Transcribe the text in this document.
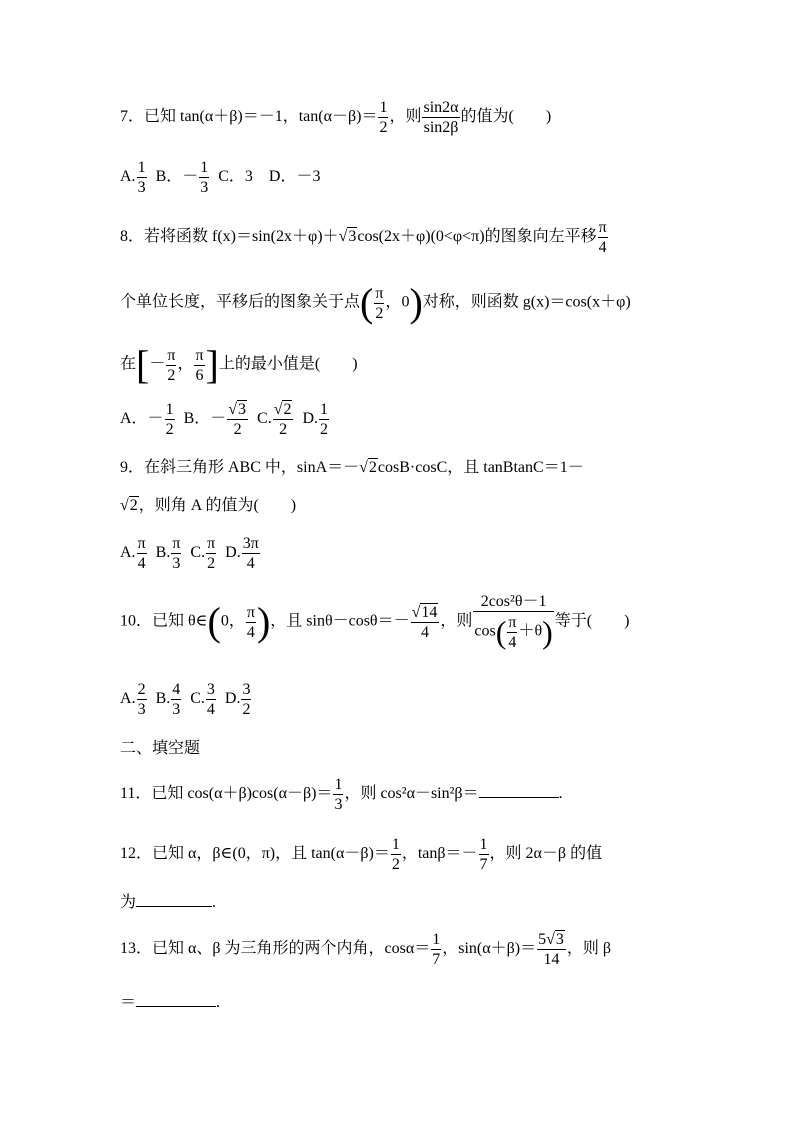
7．已知 tan(α＋β)＝－1，$\tan(\alpha-\beta)= \frac{1}{2}$ ，则 $\frac{\sin 2\alpha}{\sin 2\beta}$ 的值为(　　)
A. $\frac{1}{3}$ B．－ $\frac{1}{3}$ C．3　D．－3
8．若将函数 f(x)＝sin(2x＋φ)＋√3cos(2x＋φ)(0<φ<π)的图象向左平移 $\frac{\pi}{4}$
个单位长度，平移后的图象关于点( $\frac{\pi}{2}$ ，0)对称，则函数 g(x)＝cos(x＋φ)
在[－ $\frac{\pi}{2}$ ， $\frac{\pi}{6}$ ]上的最小值是(　　)
A．－ $\frac{1}{2}$ B．－ $\frac{√3}{2} C$. $\frac{√2}{2} D$. $\frac{1}{2}$
9．在斜三角形 ABC 中，sinA＝－√2cosB·cosC，且 tanBtanC＝1－
√2，则角 A 的值为(　　)
A. $\frac{\pi}{4} B$. $\frac{\pi}{3} C$. $\frac{\pi}{2} D$. $\frac{3\pi}{4}$
10．已知 θ∈(0， $\frac{\pi}{4}$ )，且 $\sin\theta-\cos\theta=- \frac{√14}{4}$ ，则 $\frac{\text{2cos²θ－1}}{\cos( \frac{\pi}{4} +\theta)}$ 等于(　　)
A. $\frac{2}{3} B$. $\frac{4}{3} C$. $\frac{3}{4} D$. $\frac{3}{2}$
二、填空题
11．已知 $\cos(\alpha+\beta)\cos(\alpha-\beta)= \frac{1}{3}$ ，则 cos²α－sin²β＝	.
12．已知 α，β∈(0，π)，且 $\tan(\alpha-\beta)= \frac{1}{2}$ ，$\tan\beta=- \frac{1}{7}$ ，则 2α－β 的值
为	.
13．已知 α、β 为三角形的两个内角，$\cos\alpha= \frac{1}{7}$ ，$\sin(\alpha+\beta)= \frac{5√3}{14}$ ，则 β
＝	.
